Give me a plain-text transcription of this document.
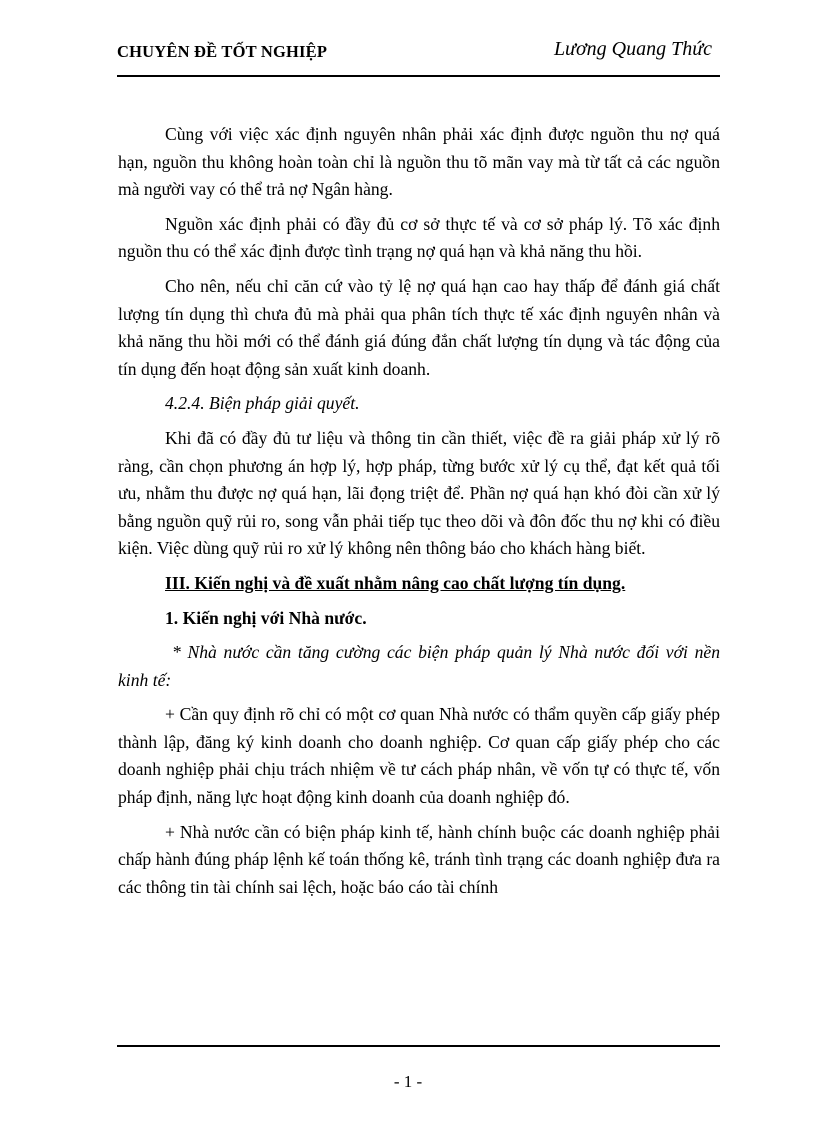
CHUYÊN ĐỀ TỐT NGHIỆP	Lương Quang Thức

Cùng với việc xác định nguyên nhân phải xác định được nguồn thu nợ quá hạn, nguồn thu không hoàn toàn chỉ là nguồn thu tõ mãn vay mà từ tất cả các nguồn mà người vay có thể trả nợ Ngân hàng.

Nguồn xác định phải có đầy đủ cơ sở thực tế và cơ sở pháp lý. Tõ xác định nguồn thu có thể xác định được tình trạng nợ quá hạn và khả năng thu hồi.

Cho nên, nếu chỉ căn cứ vào tỷ lệ nợ quá hạn cao hay thấp để đánh giá chất lượng tín dụng thì chưa đủ mà phải qua phân tích thực tế xác định nguyên nhân và khả năng thu hồi mới có thể đánh giá đúng đắn chất lượng tín dụng và tác động của tín dụng đến hoạt động sản xuất kinh doanh.

4.2.4. Biện pháp giải quyết.

Khi đã có đầy đủ tư liệu và thông tin cần thiết, việc đề ra giải pháp xử lý rõ ràng, cần chọn phương án hợp lý, hợp pháp, từng bước xử lý cụ thể, đạt kết quả tối ưu, nhằm thu được nợ quá hạn, lãi đọng triệt để. Phần nợ quá hạn khó đòi cần xử lý bằng nguồn quỹ rủi ro, song vẫn phải tiếp tục theo dõi và đôn đốc thu nợ khi có điều kiện. Việc dùng quỹ rủi ro xử lý không nên thông báo cho khách hàng biết.

III. Kiến nghị và đề xuất nhằm nâng cao chất lượng tín dụng.

1. Kiến nghị với Nhà nước.

* Nhà nước cần tăng cường các biện pháp quản lý Nhà nước đối với nền kinh tế:

+ Cần quy định rõ chỉ có một cơ quan Nhà nước có thẩm quyền cấp giấy phép thành lập, đăng ký kinh doanh cho doanh nghiệp. Cơ quan cấp giấy phép cho các doanh nghiệp phải chịu trách nhiệm về tư cách pháp nhân, về vốn tự có thực tế, vốn pháp định, năng lực hoạt động kinh doanh của doanh nghiệp đó.

+ Nhà nước cần có biện pháp kinh tế, hành chính buộc các doanh nghiệp phải chấp hành đúng pháp lệnh kế toán thống kê, tránh tình trạng các doanh nghiệp đưa ra các thông tin tài chính sai lệch, hoặc báo cáo tài chính

- 1 -
